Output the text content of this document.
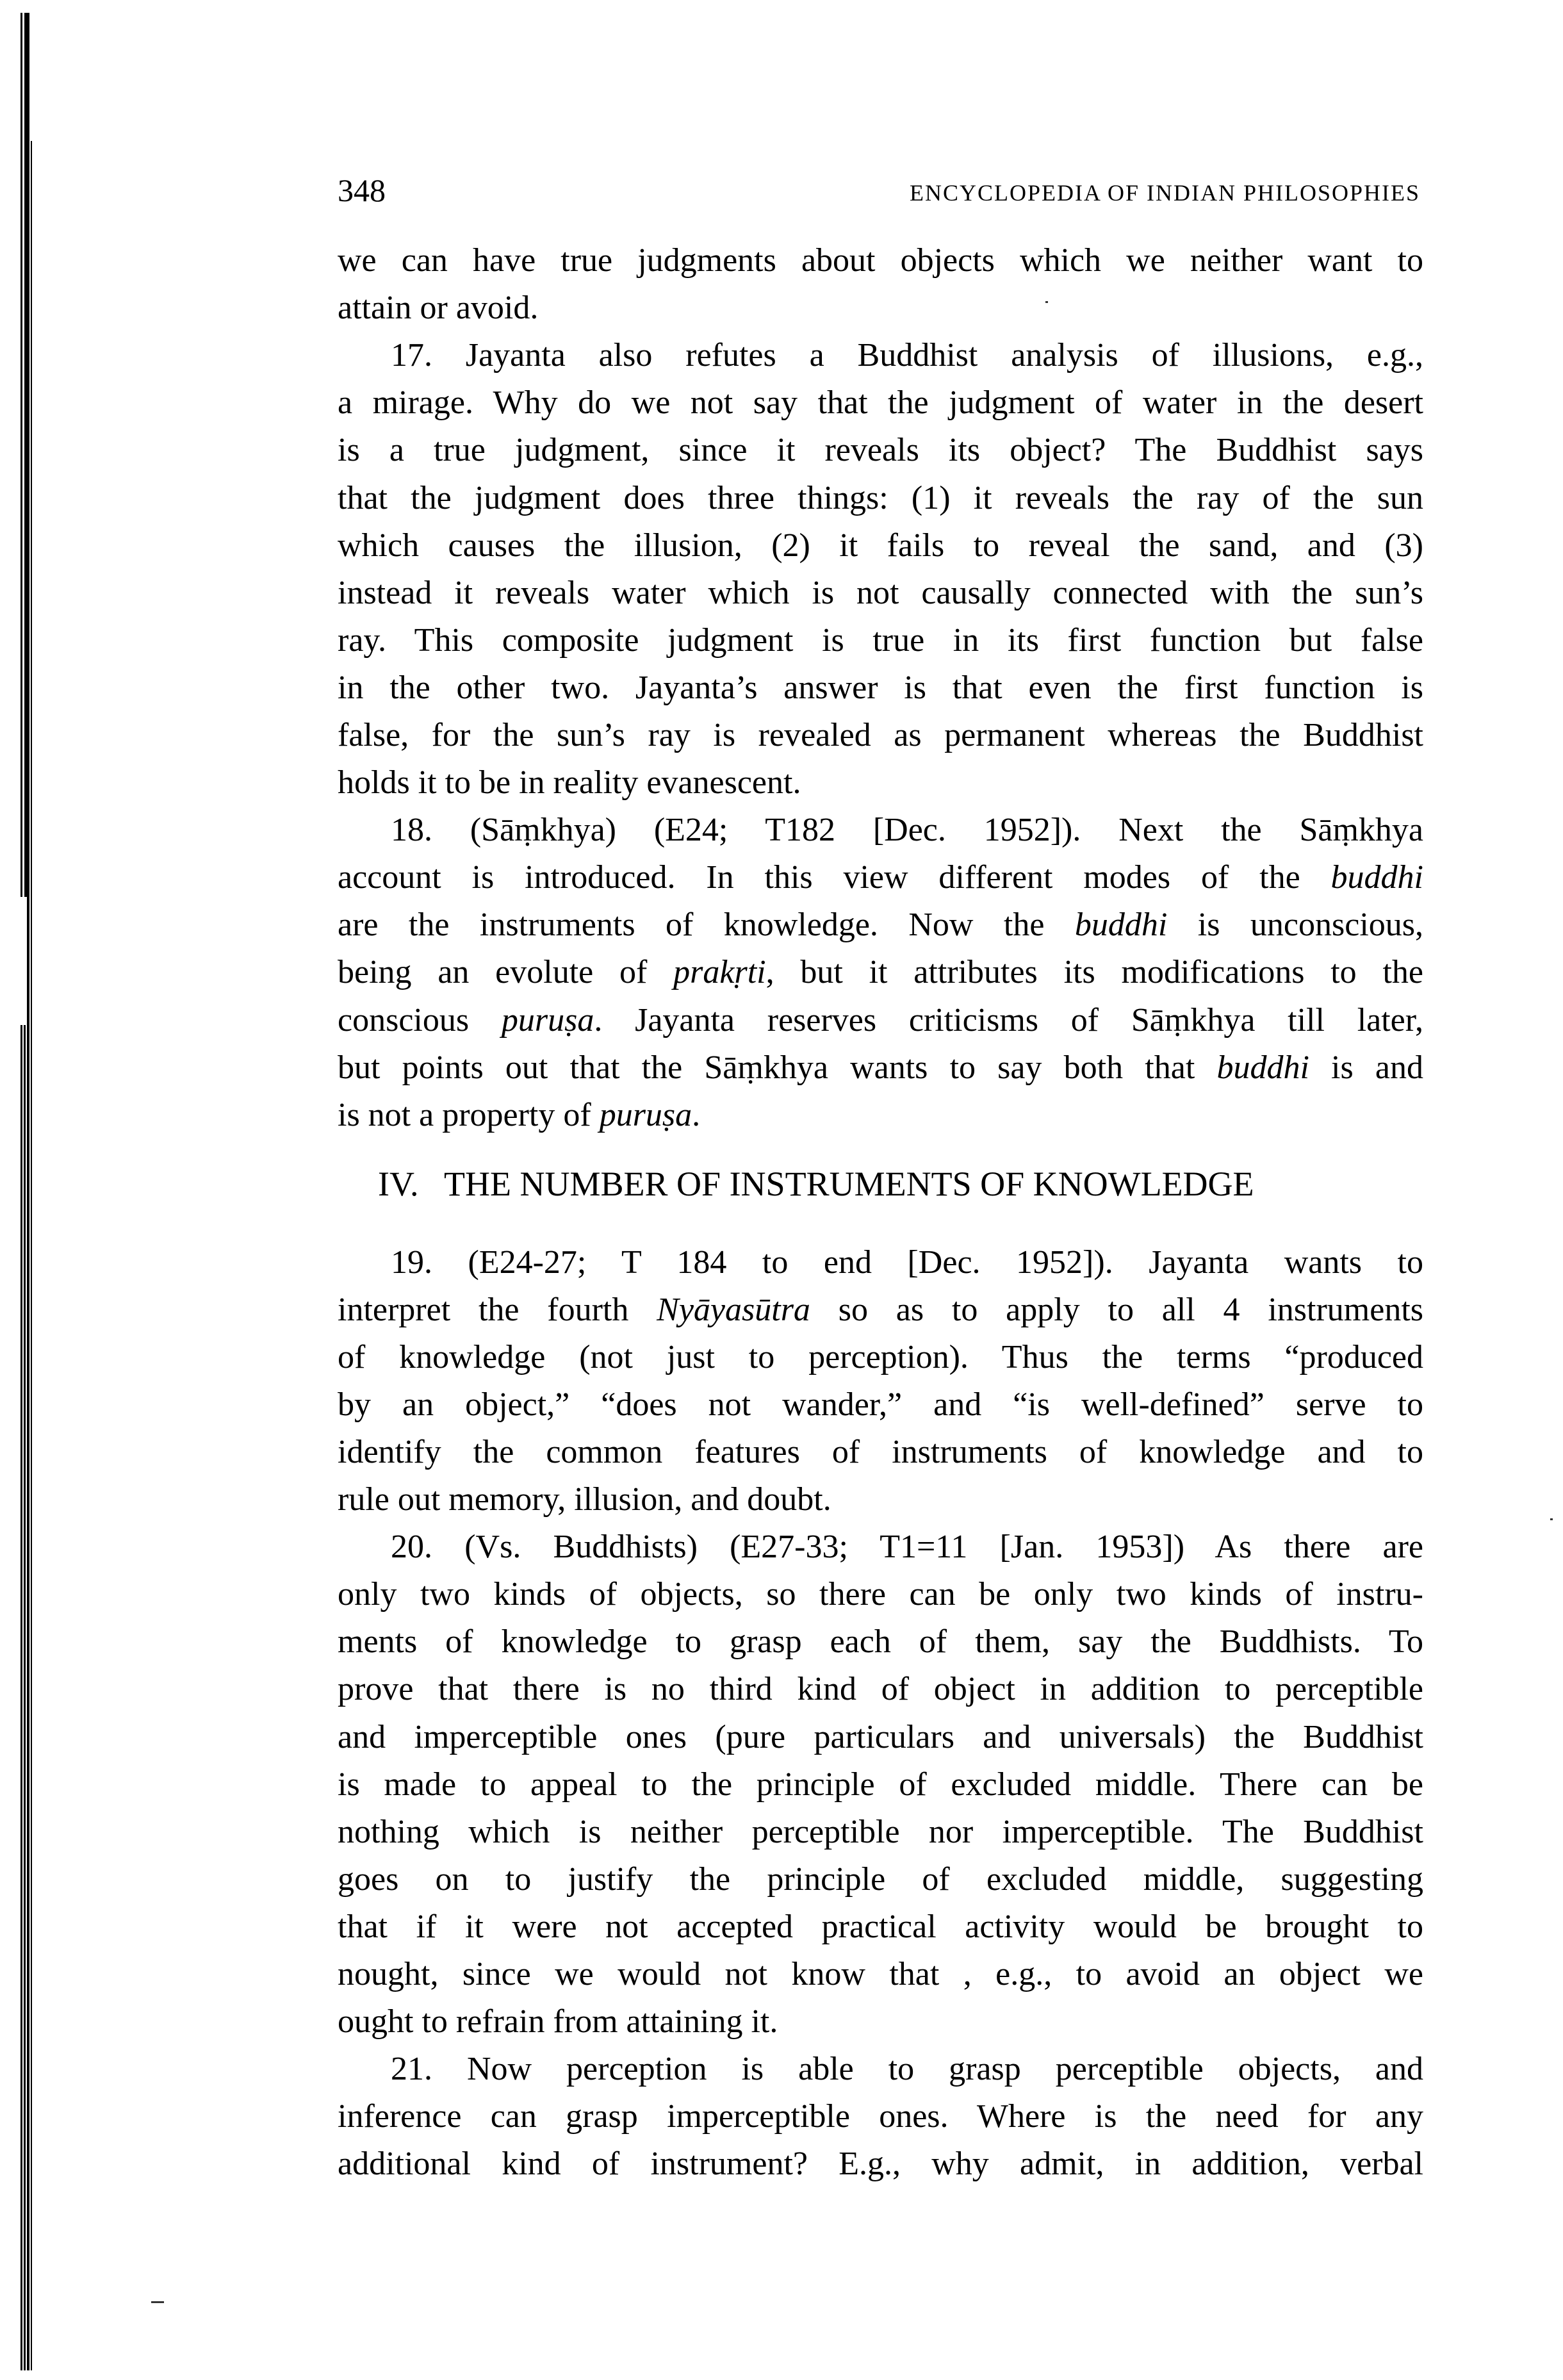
348	ENCYCLOPEDIA OF INDIAN PHILOSOPHIES
we can have true judgments about objects which we neither want to
attain or avoid.
17. Jayanta also refutes a Buddhist analysis of illusions, e.g.,
a mirage. Why do we not say that the judgment of water in the desert
is a true judgment, since it reveals its object? The Buddhist says
that the judgment does three things: (1) it reveals the ray of the sun
which causes the illusion, (2) it fails to reveal the sand, and (3)
instead it reveals water which is not causally connected with the sun’s
ray. This composite judgment is true in its first function but false
in the other two. Jayanta’s answer is that even the first function is
false, for the sun’s ray is revealed as permanent whereas the Buddhist
holds it to be in reality evanescent.
18. (Sāṃkhya) (E24; T182 [Dec. 1952]). Next the Sāṃkhya
account is introduced. In this view different modes of the buddhi
are the instruments of knowledge. Now the buddhi is unconscious,
being an evolute of prakṛti, but it attributes its modifications to the
conscious puruṣa. Jayanta reserves criticisms of Sāṃkhya till later,
but points out that the Sāṃkhya wants to say both that buddhi is and
is not a property of puruṣa.
19. (E24-27; T 184 to end [Dec. 1952]). Jayanta wants to
interpret the fourth Nyāyasūtra so as to apply to all 4 instruments
of knowledge (not just to perception). Thus the terms “produced
by an object,” “does not wander,” and “is well-defined” serve to
identify the common features of instruments of knowledge and to
rule out memory, illusion, and doubt.
20. (Vs. Buddhists) (E27-33; T1=11 [Jan. 1953]) As there are
only two kinds of objects, so there can be only two kinds of instru-
ments of knowledge to grasp each of them, say the Buddhists. To
prove that there is no third kind of object in addition to perceptible
and imperceptible ones (pure particulars and universals) the Buddhist
is made to appeal to the principle of excluded middle. There can be
nothing which is neither perceptible nor imperceptible. The Buddhist
goes on to justify the principle of excluded middle, suggesting
that if it were not accepted practical activity would be brought to
nought, since we would not know that , e.g., to avoid an object we
ought to refrain from attaining it.
21. Now perception is able to grasp perceptible objects, and
inference can grasp imperceptible ones. Where is the need for any
additional kind of instrument? E.g., why admit, in addition, verbal
IV.   THE NUMBER OF INSTRUMENTS OF KNOWLEDGE
